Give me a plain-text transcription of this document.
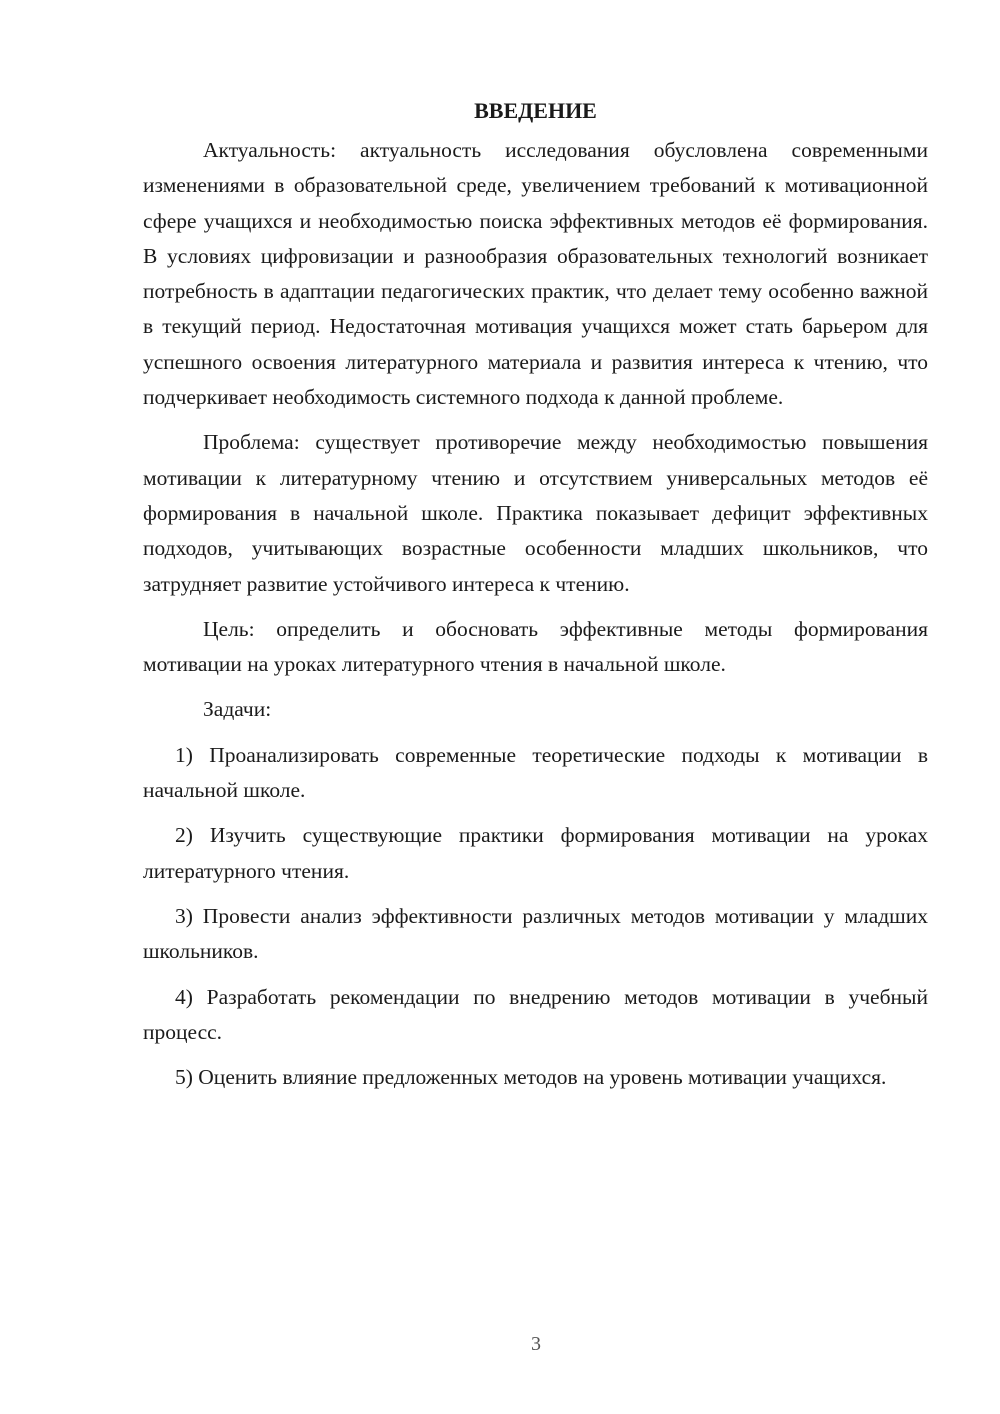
ВВЕДЕНИЕ

Актуальность: актуальность исследования обусловлена современными изменениями в образовательной среде, увеличением требований к мотивационной сфере учащихся и необходимостью поиска эффективных методов её формирования. В условиях цифровизации и разнообразия образовательных технологий возникает потребность в адаптации педагогических практик, что делает тему особенно важной в текущий период. Недостаточная мотивация учащихся может стать барьером для успешного освоения литературного материала и развития интереса к чтению, что подчеркивает необходимость системного подхода к данной проблеме.

Проблема: существует противоречие между необходимостью повышения мотивации к литературному чтению и отсутствием универсальных методов её формирования в начальной школе. Практика показывает дефицит эффективных подходов, учитывающих возрастные особенности младших школьников, что затрудняет развитие устойчивого интереса к чтению.

Цель: определить и обосновать эффективные методы формирования мотивации на уроках литературного чтения в начальной школе.

Задачи:

1) Проанализировать современные теоретические подходы к мотивации в начальной школе.

2) Изучить существующие практики формирования мотивации на уроках литературного чтения.

3) Провести анализ эффективности различных методов мотивации у младших школьников.

4) Разработать рекомендации по внедрению методов мотивации в учебный процесс.

5) Оценить влияние предложенных методов на уровень мотивации учащихся.

3
